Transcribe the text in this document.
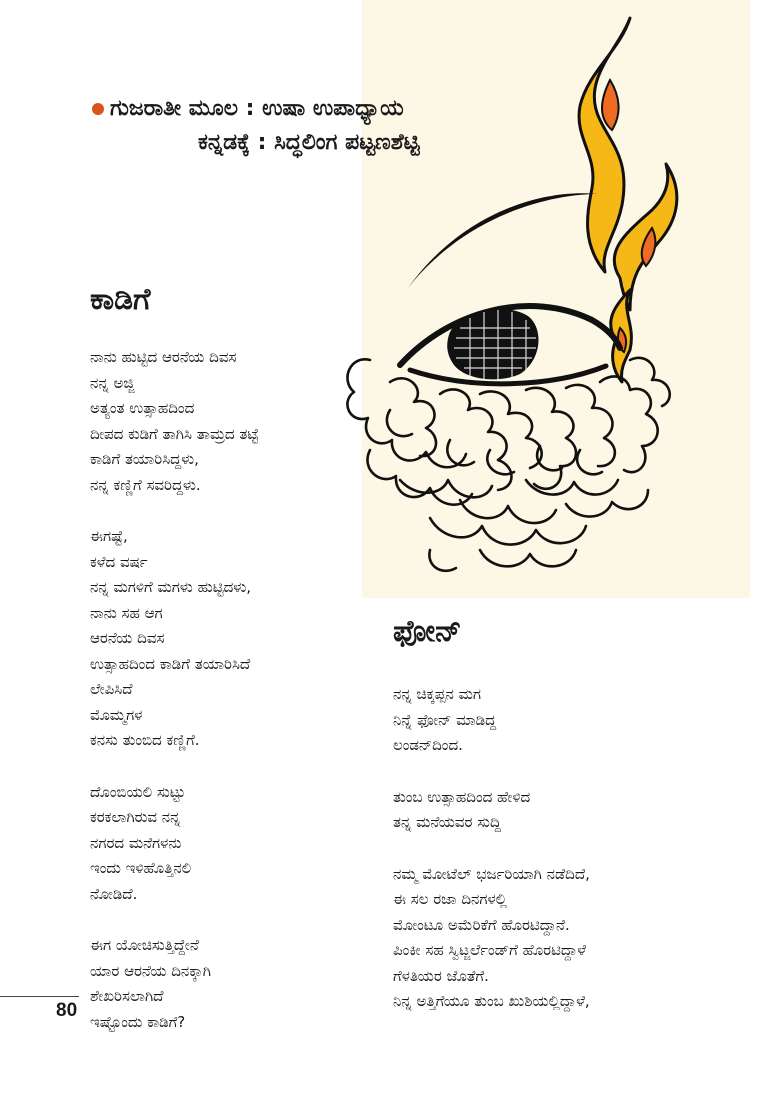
ಗುಜರಾತೀ ಮೂಲ : ಉಷಾ ಉಪಾಧ್ಯಾಯ
ಕನ್ನಡಕ್ಕೆ : ಸಿದ್ಧಲಿಂಗ ಪಟ್ಟಣಶೆಟ್ಟಿ
ಕಾಡಿಗೆ
ನಾನು ಹುಟ್ಟಿದ ಆರನೆಯ ದಿವಸ
ನನ್ನ ಅಜ್ಜಿ
ಅತ್ಯಂತ ಉತ್ಸಾಹದಿಂದ
ದೀಪದ ಕುಡಿಗೆ ತಾಗಿಸಿ ತಾಮ್ರದ ತಟ್ಟೆ
ಕಾಡಿಗೆ ತಯಾರಿಸಿದ್ದಳು,
ನನ್ನ ಕಣ್ಣಿಗೆ ಸವರಿದ್ದಳು.
ಈಗಷ್ಟೆ,
ಕಳೆದ ವರ್ಷ
ನನ್ನ ಮಗಳಿಗೆ ಮಗಳು ಹುಟ್ಟಿದಳು,
ನಾನು ಸಹ ಆಗ
ಆರನೆಯ ದಿವಸ
ಉತ್ಸಾಹದಿಂದ ಕಾಡಿಗೆ ತಯಾರಿಸಿದೆ
ಲೇಪಿಸಿದೆ
ಮೊಮ್ಮಗಳ
ಕನಸು ತುಂಬಿದ ಕಣ್ಣಿಗೆ.
ದೊಂಬಿಯಲಿ ಸುಟ್ಟು
ಕರಕಲಾಗಿರುವ ನನ್ನ
ನಗರದ ಮನೆಗಳನು
ಇಂದು ಇಳಿಹೊತ್ತಿನಲಿ
ನೋಡಿದೆ.
ಈಗ ಯೋಚಿಸುತ್ತಿದ್ದೇನೆ
ಯಾರ ಆರನೆಯ ದಿನಕ್ಕಾಗಿ
ಶೇಖರಿಸಲಾಗಿದೆ
ಇಷ್ಟೊಂದು ಕಾಡಿಗೆ?
ಫೋನ್
ನನ್ನ ಚಿಕ್ಕಪ್ಪನ ಮಗ
ನಿನ್ನೆ ಫೋನ್ ಮಾಡಿದ್ದ
ಲಂಡನ್‌ದಿಂದ.
ತುಂಬ ಉತ್ಸಾಹದಿಂದ ಹೇಳಿದ
ತನ್ನ ಮನೆಯವರ ಸುದ್ದಿ
ನಮ್ಮ ಮೋಟೆಲ್ ಭರ್ಜರಿಯಾಗಿ ನಡೆದಿದೆ,
ಈ ಸಲ ರಜಾ ದಿನಗಳಲ್ಲಿ
ಮೋಂಟೂ ಅಮೆರಿಕೆಗೆ ಹೊರಟಿದ್ದಾನೆ.
ಪಿಂಕೀ ಸಹ ಸ್ವಿಟ್ಜರ್ಲೆಂಡ್‌ಗೆ ಹೊರಟಿದ್ದಾಳೆ
ಗೆಳತಿಯರ ಜೊತೆಗೆ.
ನಿನ್ನ ಅತ್ತಿಗೆಯೂ ತುಂಬ ಖುಶಿಯಲ್ಲಿದ್ದಾಳೆ,
80
